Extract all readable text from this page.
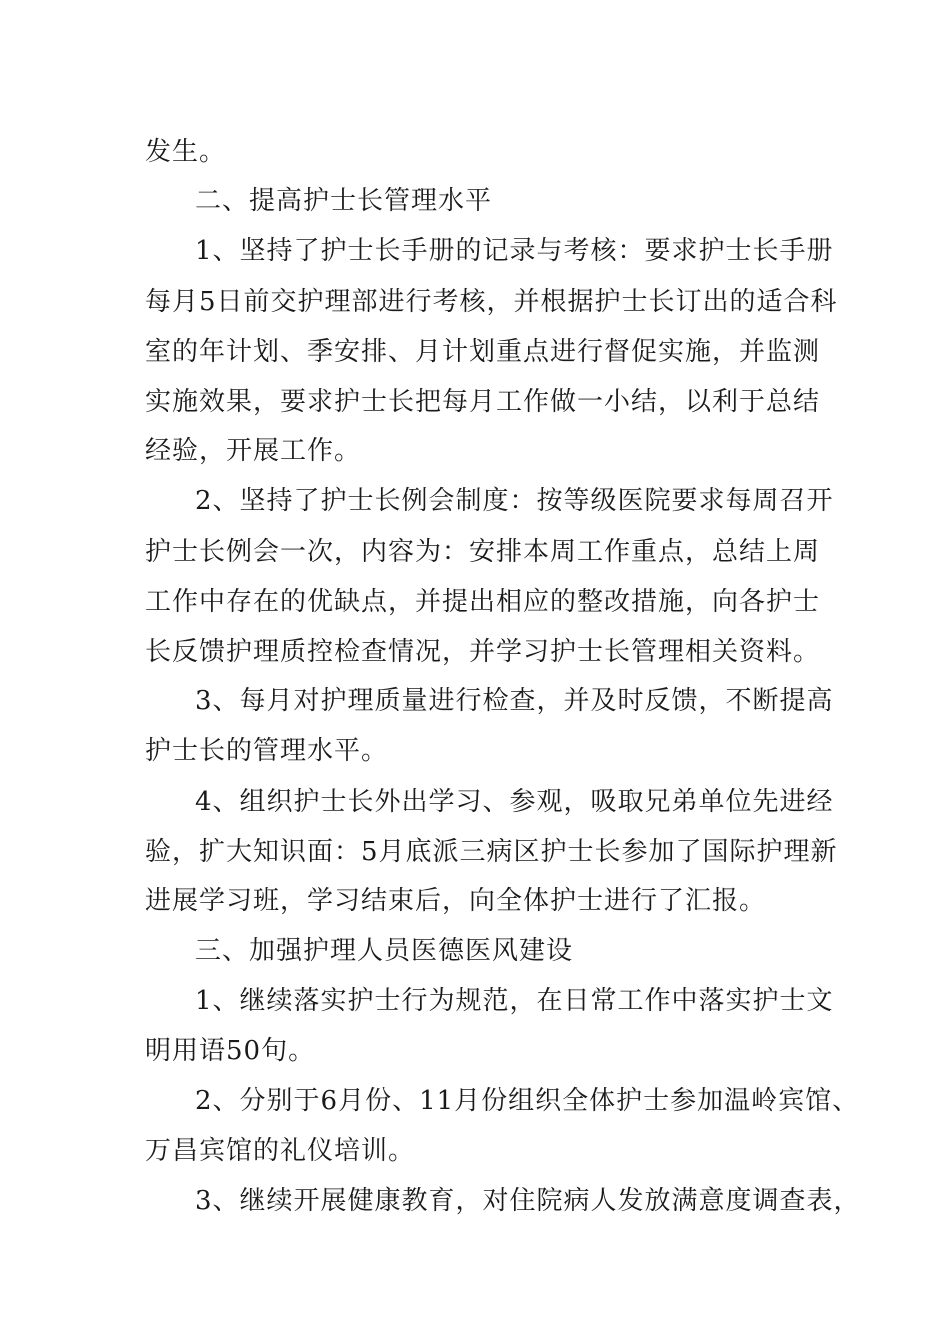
发生。
二、提高护士长管理水平
1、坚持了护士长手册的记录与考核：要求护士长手册
每月5日前交护理部进行考核，并根据护士长订出的适合科
室的年计划、季安排、月计划重点进行督促实施，并监测
实施效果，要求护士长把每月工作做一小结，以利于总结
经验，开展工作。
2、坚持了护士长例会制度：按等级医院要求每周召开
护士长例会一次，内容为：安排本周工作重点，总结上周
工作中存在的优缺点，并提出相应的整改措施，向各护士
长反馈护理质控检查情况，并学习护士长管理相关资料。
3、每月对护理质量进行检查，并及时反馈，不断提高
护士长的管理水平。
4、组织护士长外出学习、参观，吸取兄弟单位先进经
验，扩大知识面：5月底派三病区护士长参加了国际护理新
进展学习班，学习结束后，向全体护士进行了汇报。
三、加强护理人员医德医风建设
1、继续落实护士行为规范，在日常工作中落实护士文
明用语50句。
2、分别于6月份、11月份组织全体护士参加温岭宾馆、
万昌宾馆的礼仪培训。
3、继续开展健康教育，对住院病人发放满意度调查表，
